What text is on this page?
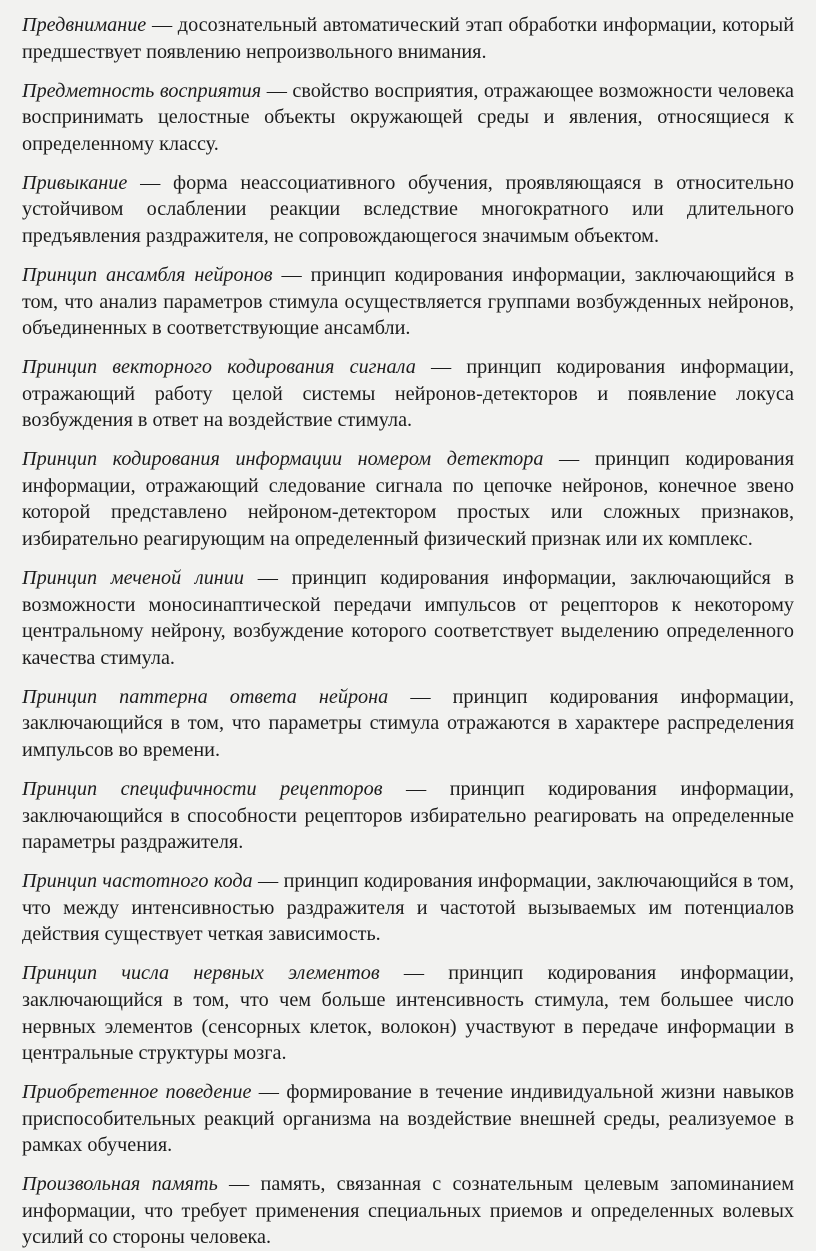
Предвнимание — досознательный автоматический этап обработки информации, который предшествует появлению непроизвольного внимания.

Предметность восприятия — свойство восприятия, отражающее возможности человека воспринимать целостные объекты окружающей среды и явления, относящиеся к определенному классу.

Привыкание — форма неассоциативного обучения, проявляющаяся в относительно устойчивом ослаблении реакции вследствие многократного или длительного предъявления раздражителя, не сопровождающегося значимым объектом.

Принцип ансамбля нейронов — принцип кодирования информации, заключающийся в том, что анализ параметров стимула осуществляется группами возбужденных нейронов, объединенных в соответствующие ансамбли.

Принцип векторного кодирования сигнала — принцип кодирования информации, отражающий работу целой системы нейронов-детекторов и появление локуса возбуждения в ответ на воздействие стимула.

Принцип кодирования информации номером детектора — принцип кодирования информации, отражающий следование сигнала по цепочке нейронов, конечное звено которой представлено нейроном-детектором простых или сложных признаков, избирательно реагирующим на определенный физический признак или их комплекс.

Принцип меченой линии — принцип кодирования информации, заключающийся в возможности моносинаптической передачи импульсов от рецепторов к некоторому центральному нейрону, возбуждение которого соответствует выделению определенного качества стимула.

Принцип паттерна ответа нейрона — принцип кодирования информации, заключающийся в том, что параметры стимула отражаются в характере распределения импульсов во времени.

Принцип специфичности рецепторов — принцип кодирования информации, заключающийся в способности рецепторов избирательно реагировать на определенные параметры раздражителя.

Принцип частотного кода — принцип кодирования информации, заключающийся в том, что между интенсивностью раздражителя и частотой вызываемых им потенциалов действия существует четкая зависимость.

Принцип числа нервных элементов — принцип кодирования информации, заключающийся в том, что чем больше интенсивность стимула, тем большее число нервных элементов (сенсорных клеток, волокон) участвуют в передаче информации в центральные структуры мозга.

Приобретенное поведение — формирование в течение индивидуальной жизни навыков приспособительных реакций организма на воздействие внешней среды, реализуемое в рамках обучения.

Произвольная память — память, связанная с сознательным целевым запоминанием информации, что требует применения специальных приемов и определенных волевых усилий со стороны человека.
